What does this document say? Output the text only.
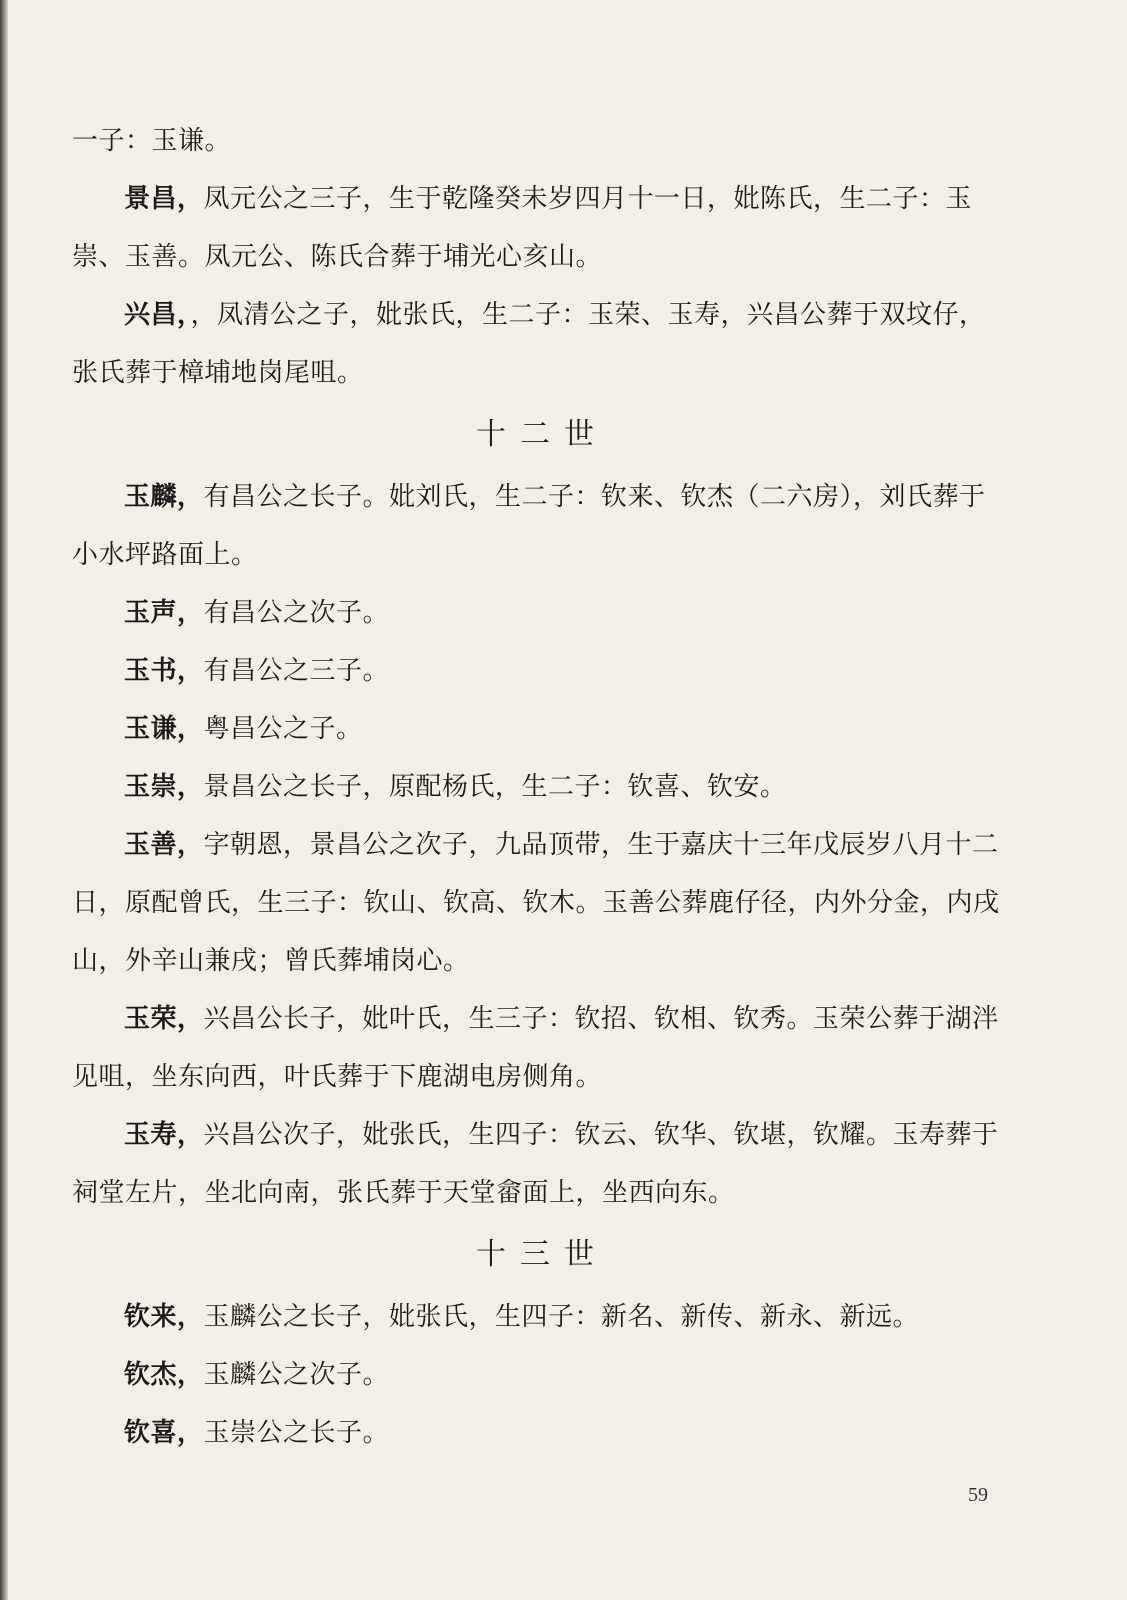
一子：玉谦。

景昌，凤元公之三子，生于乾隆癸未岁四月十一日，妣陈氏，生二子：玉崇、玉善。凤元公、陈氏合葬于埔光心亥山。

兴昌，，凤清公之子，妣张氏，生二子：玉荣、玉寿，兴昌公葬于双坟仔，张氏葬于樟埔地岗尾咀。

十二世

玉麟，有昌公之长子。妣刘氏，生二子：钦来、钦杰（二六房），刘氏葬于小水坪路面上。

玉声，有昌公之次子。

玉书，有昌公之三子。

玉谦，粤昌公之子。

玉崇，景昌公之长子，原配杨氏，生二子：钦喜、钦安。

玉善，字朝恩，景昌公之次子，九品顶带，生于嘉庆十三年戊辰岁八月十二日，原配曾氏，生三子：钦山、钦高、钦木。玉善公葬鹿仔径，内外分金，内戌山，外辛山兼戌；曾氏葬埔岗心。

玉荣，兴昌公长子，妣叶氏，生三子：钦招、钦相、钦秀。玉荣公葬于湖泮见咀，坐东向西，叶氏葬于下鹿湖电房侧角。

玉寿，兴昌公次子，妣张氏，生四子：钦云、钦华、钦堪，钦耀。玉寿葬于祠堂左片，坐北向南，张氏葬于天堂畲面上，坐西向东。

十三世

钦来，玉麟公之长子，妣张氏，生四子：新名、新传、新永、新远。

钦杰，玉麟公之次子。

钦喜，玉崇公之长子。

59
